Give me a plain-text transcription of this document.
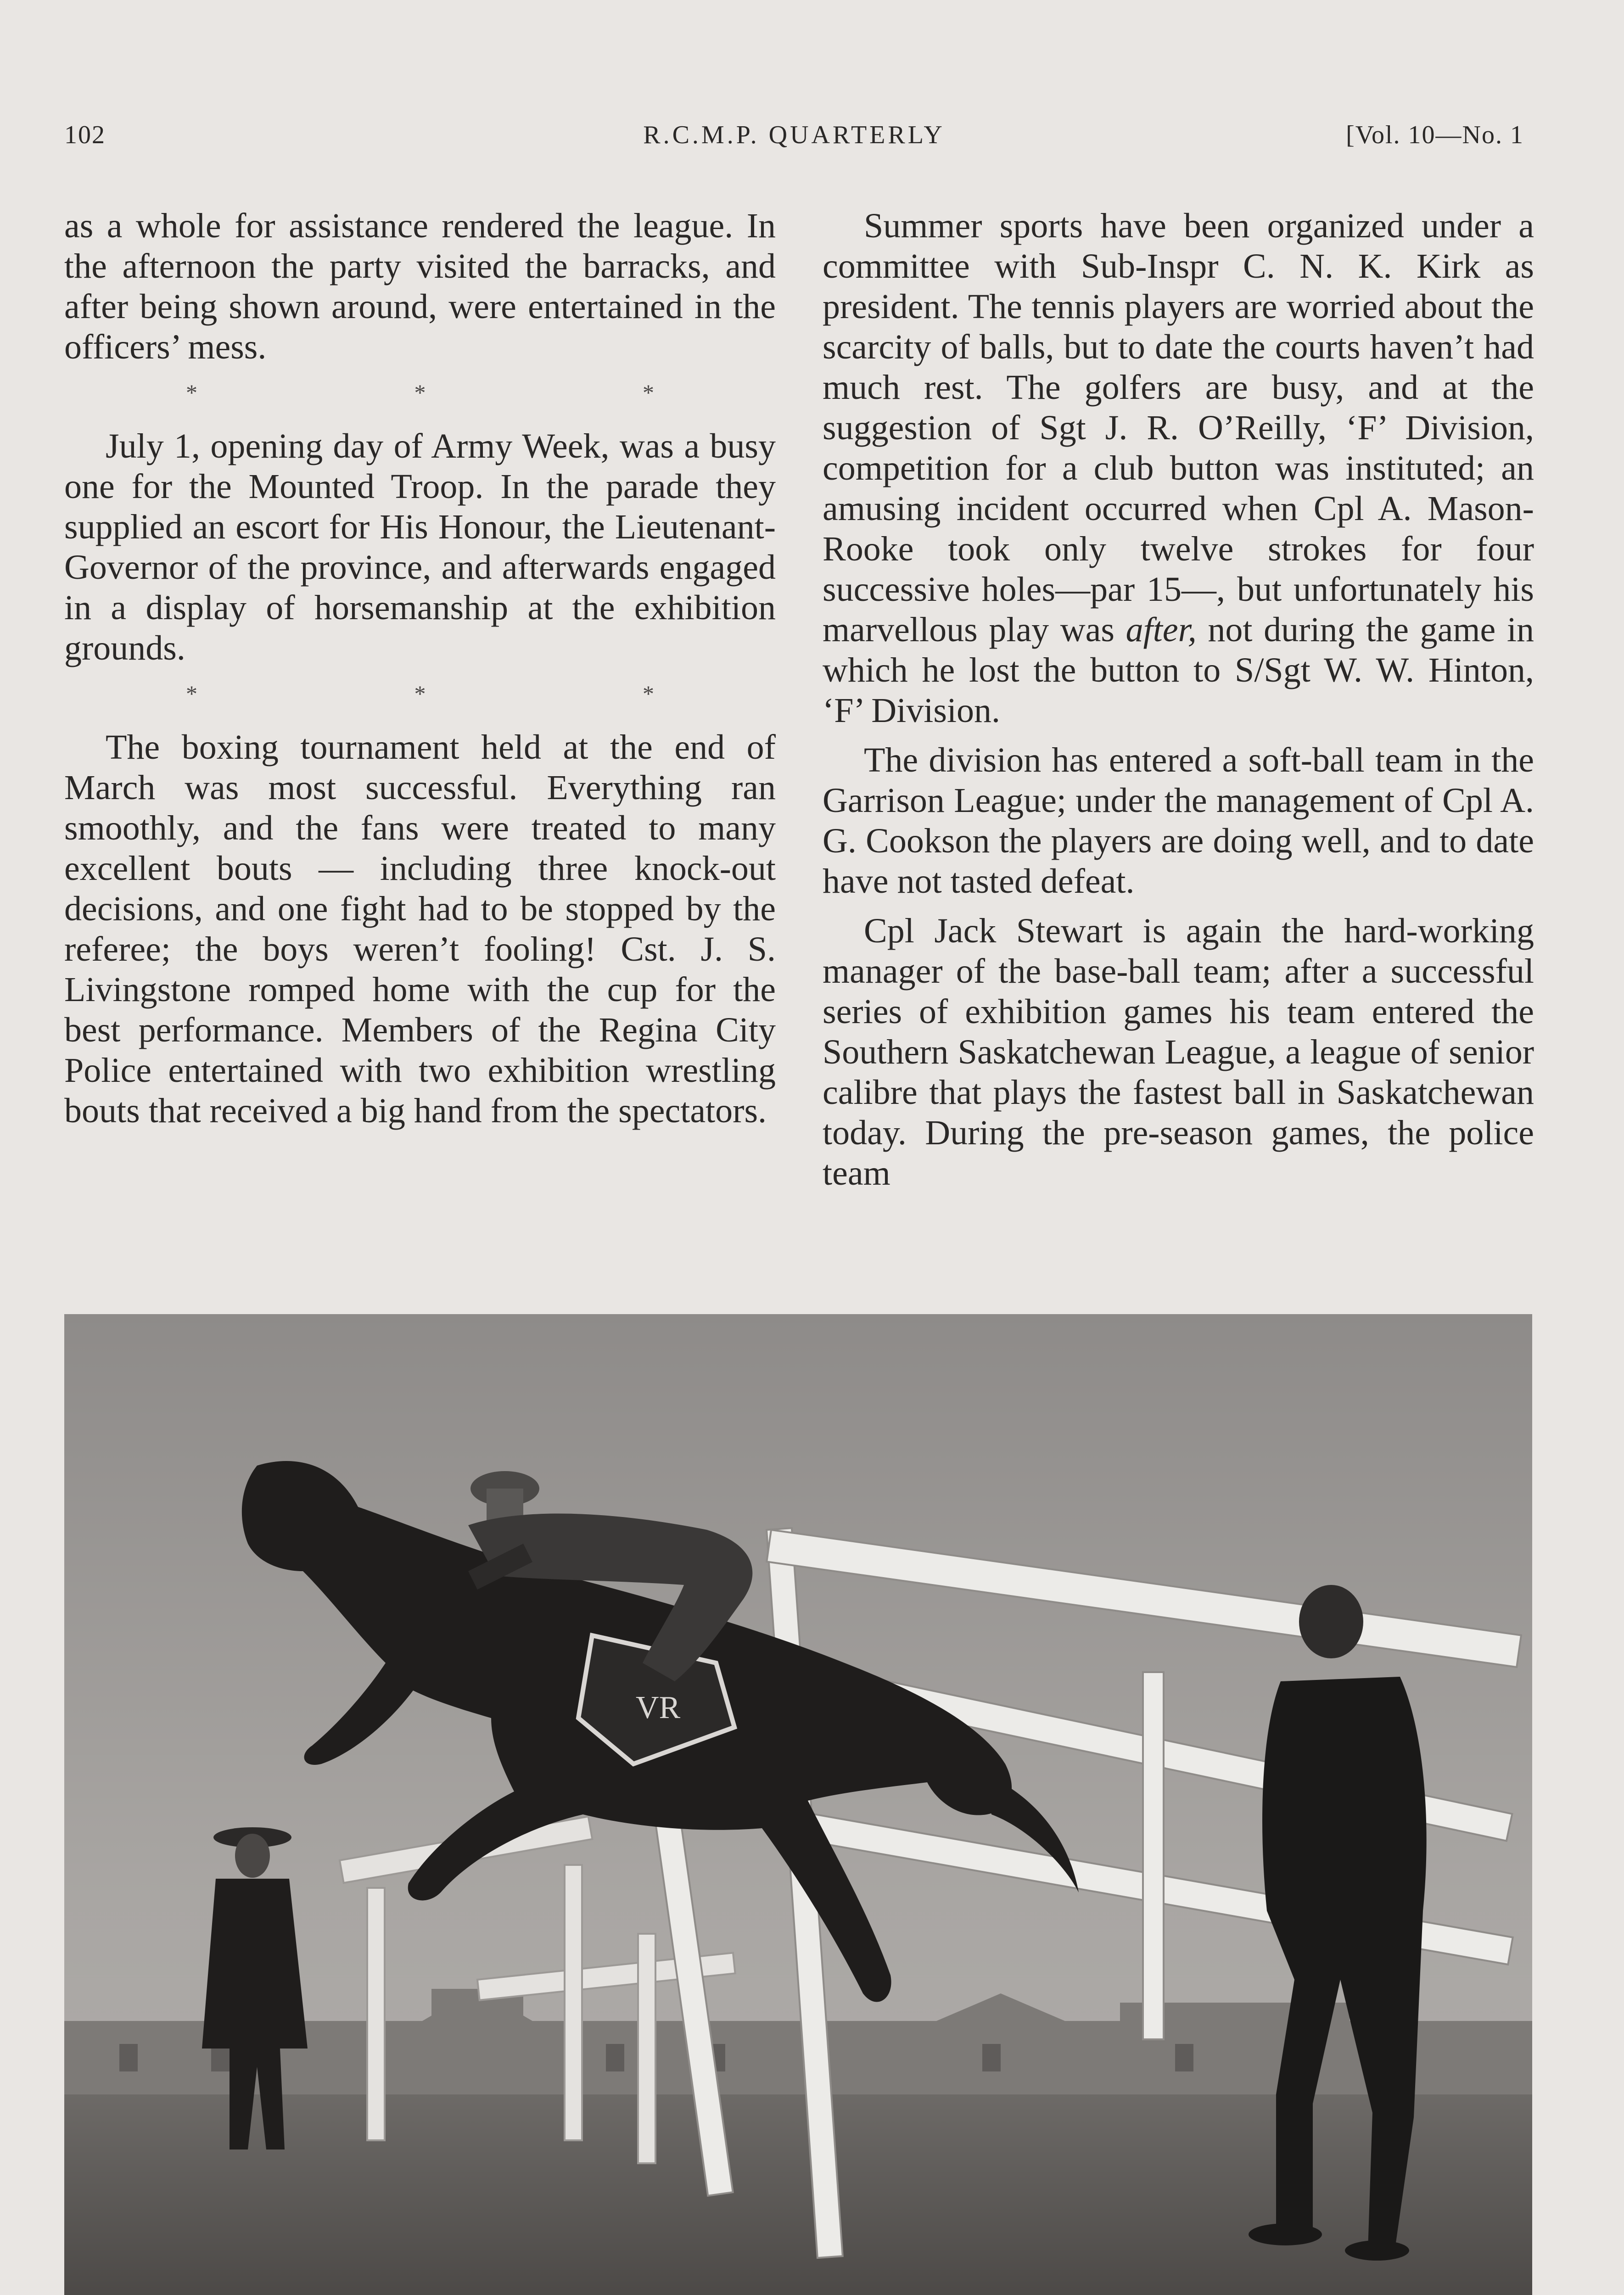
102	R.C.M.P. QUARTERLY	[Vol. 10—No. 1

as a whole for assistance rendered the league. In the afternoon the party visited the barracks, and after being shown around, were entertained in the officers’ mess.

* * *

July 1, opening day of Army Week, was a busy one for the Mounted Troop. In the parade they supplied an escort for His Honour, the Lieutenant-Governor of the province, and afterwards engaged in a display of horsemanship at the exhibition grounds.

* * *

The boxing tournament held at the end of March was most successful. Everything ran smoothly, and the fans were treated to many excellent bouts — including three knock-out decisions, and one fight had to be stopped by the referee; the boys weren’t fooling! Cst. J. S. Livingstone romped home with the cup for the best performance. Members of the Regina City Police entertained with two exhibition wrestling bouts that received a big hand from the spectators.

Summer sports have been organized under a committee with Sub-Inspr C. N. K. Kirk as president. The tennis players are worried about the scarcity of balls, but to date the courts haven’t had much rest. The golfers are busy, and at the suggestion of Sgt J. R. O’Reilly, ‘F’ Division, competition for a club button was instituted; an amusing incident occurred when Cpl A. Mason-Rooke took only twelve strokes for four successive holes—par 15—, but unfortunately his marvellous play was after, not during the game in which he lost the button to S/Sgt W. W. Hinton, ‘F’ Division.

The division has entered a soft-ball team in the Garrison League; under the management of Cpl A. G. Cookson the players are doing well, and to date have not tasted defeat.

Cpl Jack Stewart is again the hard-working manager of the base-ball team; after a successful series of exhibition games his team entered the Southern Saskatchewan League, a league of senior calibre that plays the fastest ball in Saskatchewan today. During the pre-season games, the police team

VR
